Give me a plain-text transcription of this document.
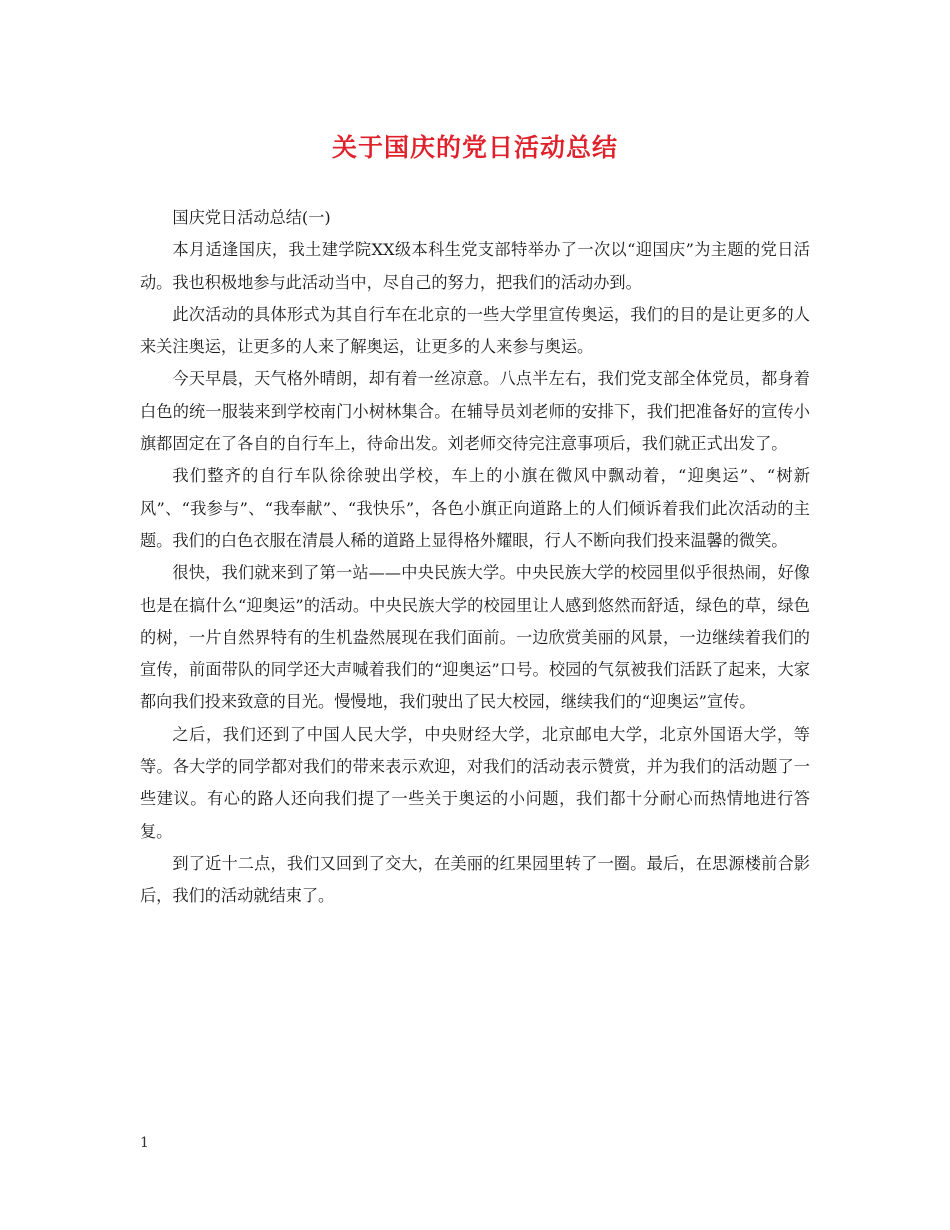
关于国庆的党日活动总结

国庆党日活动总结(一)

本月适逢国庆，我土建学院XX级本科生党支部特举办了一次以“迎国庆”为主题的党日活动。我也积极地参与此活动当中，尽自己的努力，把我们的活动办到。

此次活动的具体形式为其自行车在北京的一些大学里宣传奥运，我们的目的是让更多的人来关注奥运，让更多的人来了解奥运，让更多的人来参与奥运。

今天早晨，天气格外晴朗，却有着一丝凉意。八点半左右，我们党支部全体党员，都身着白色的统一服装来到学校南门小树林集合。在辅导员刘老师的安排下，我们把准备好的宣传小旗都固定在了各自的自行车上，待命出发。刘老师交待完注意事项后，我们就正式出发了。

我们整齐的自行车队徐徐驶出学校，车上的小旗在微风中飘动着，“迎奥运”、“树新风”、“我参与”、“我奉献”、“我快乐”，各色小旗正向道路上的人们倾诉着我们此次活动的主题。我们的白色衣服在清晨人稀的道路上显得格外耀眼，行人不断向我们投来温馨的微笑。

很快，我们就来到了第一站——中央民族大学。中央民族大学的校园里似乎很热闹，好像也是在搞什么“迎奥运”的活动。中央民族大学的校园里让人感到悠然而舒适，绿色的草，绿色的树，一片自然界特有的生机盎然展现在我们面前。一边欣赏美丽的风景，一边继续着我们的宣传，前面带队的同学还大声喊着我们的“迎奥运”口号。校园的气氛被我们活跃了起来，大家都向我们投来致意的目光。慢慢地，我们驶出了民大校园，继续我们的“迎奥运”宣传。

之后，我们还到了中国人民大学，中央财经大学，北京邮电大学，北京外国语大学，等等。各大学的同学都对我们的带来表示欢迎，对我们的活动表示赞赏，并为我们的活动题了一些建议。有心的路人还向我们提了一些关于奥运的小问题，我们都十分耐心而热情地进行答复。

到了近十二点，我们又回到了交大，在美丽的红果园里转了一圈。最后，在思源楼前合影后，我们的活动就结束了。

1
